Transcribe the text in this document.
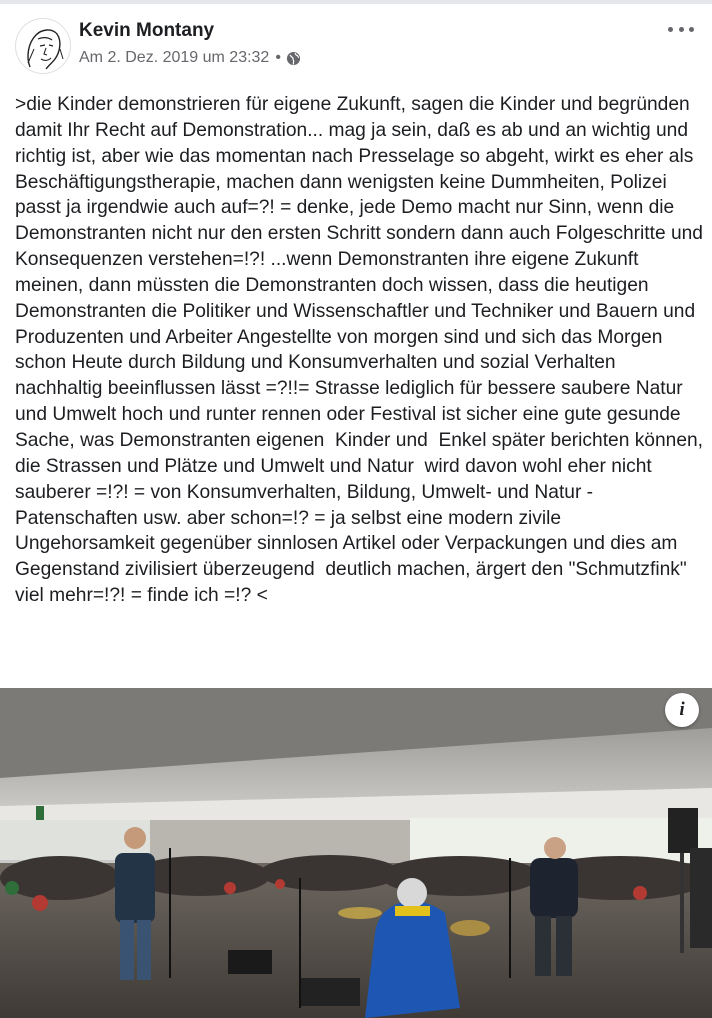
Kevin Montany
Am 2. Dez. 2019 um 23:32 •
>die Kinder demonstrieren für eigene Zukunft, sagen die Kinder und begründen damit Ihr Recht auf Demonstration... mag ja sein, daß es ab und an wichtig und richtig ist, aber wie das momentan nach Presselage so abgeht, wirkt es eher als Beschäftigungstherapie, machen dann wenigsten keine Dummheiten, Polizei passt ja irgendwie auch auf=?! = denke, jede Demo macht nur Sinn, wenn die Demonstranten nicht nur den ersten Schritt sondern dann auch Folgeschritte und Konsequenzen verstehen=!?! ...wenn Demonstranten ihre eigene Zukunft meinen, dann müssten die Demonstranten doch wissen, dass die heutigen Demonstranten die Politiker und Wissenschaftler und Techniker und Bauern und Produzenten und Arbeiter Angestellte von morgen sind und sich das Morgen schon Heute durch Bildung und Konsumverhalten und sozial Verhalten nachhaltig beeinflussen lässt =?!!= Strasse lediglich für bessere saubere Natur und Umwelt hoch und runter rennen oder Festival ist sicher eine gute gesunde Sache, was Demonstranten eigenen  Kinder und  Enkel später berichten können, die Strassen und Plätze und Umwelt und Natur  wird davon wohl eher nicht sauberer =!?! = von Konsumverhalten, Bildung, Umwelt- und Natur - Patenschaften usw. aber schon=!? = ja selbst eine modern zivile Ungehorsamkeit gegenüber sinnlosen Artikel oder Verpackungen und dies am Gegenstand zivilisiert überzeugend  deutlich machen, ärgert den "Schmutzfink" viel mehr=!?! = finde ich =!? <
i
